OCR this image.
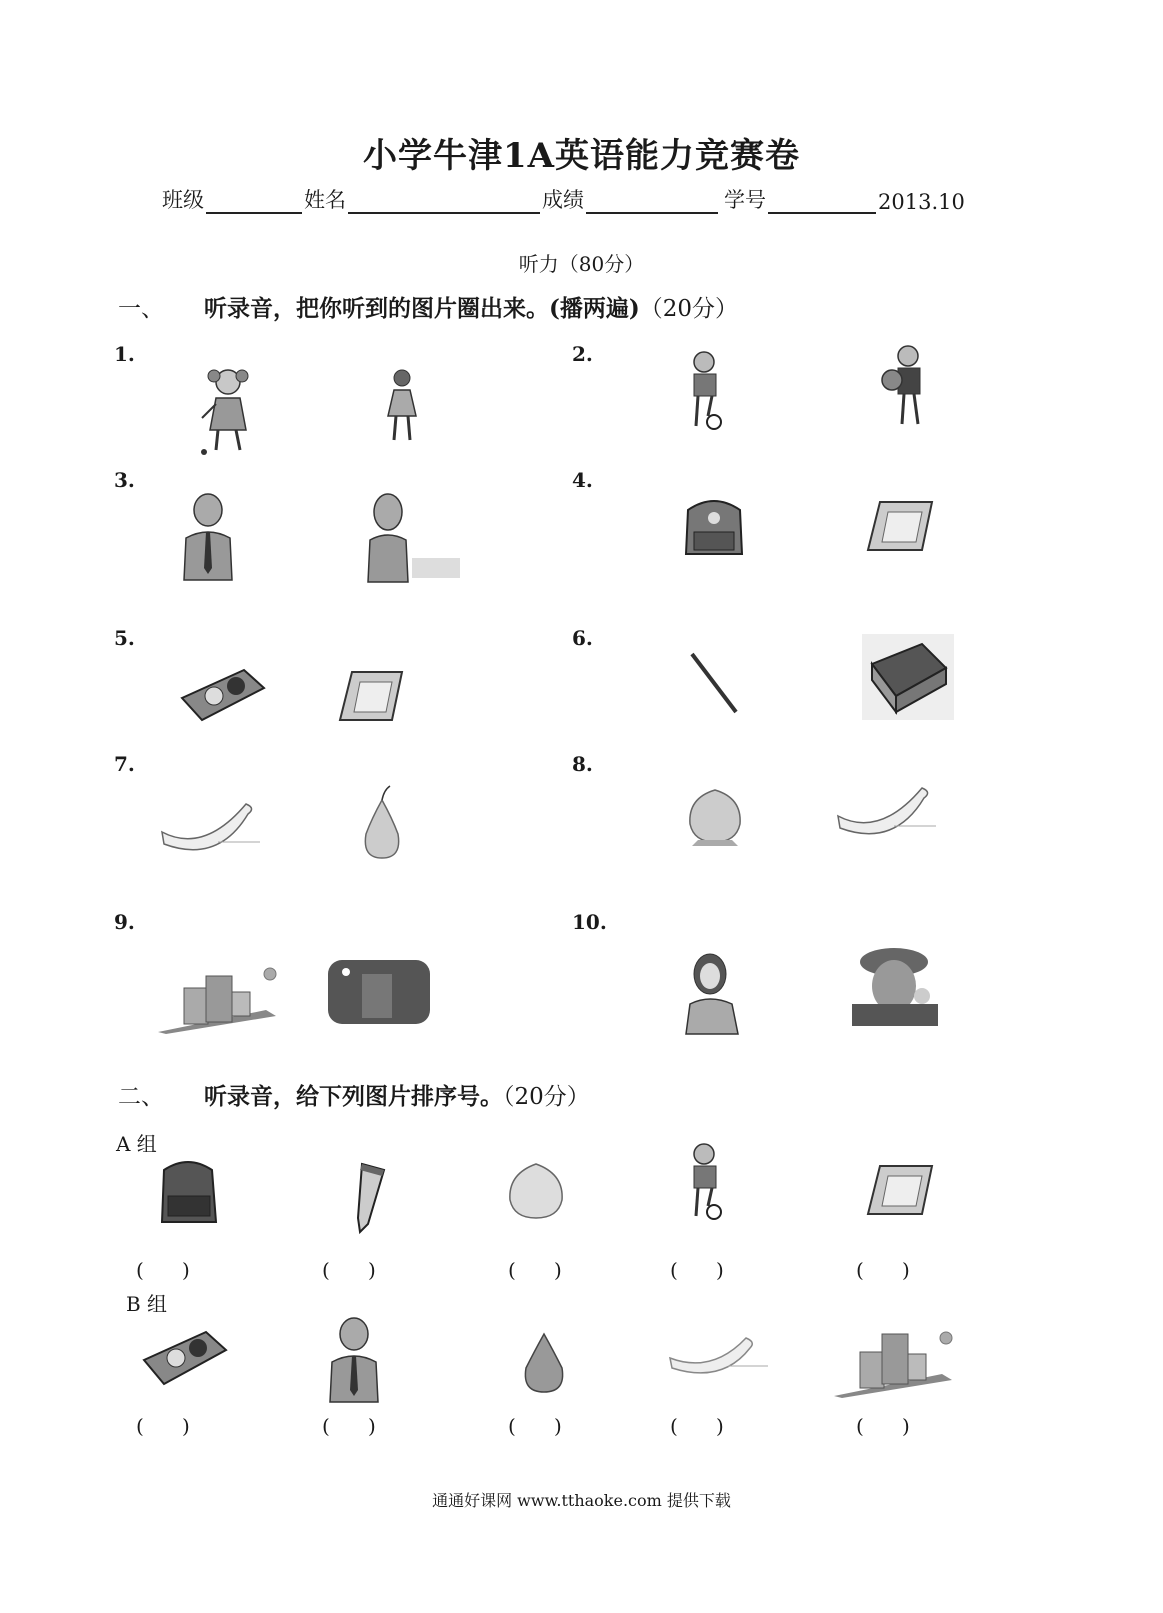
小学牛津1A英语能力竞赛卷
班级	姓名	成绩	学号	2013.10
听力（80分）
一、 听录音，把你听到的图片圈出来。(播两遍)（20分）
1.	2.
3.	4.
5.	6.
7.	8.
9.	10.
二、 听录音，给下列图片排序号。（20分）
A 组
(      )	(      )	(      )	(      )	(      )
B 组
(      )	(      )	(      )	(      )	(      )
通通好课网 www.tthaoke.com 提供下载
